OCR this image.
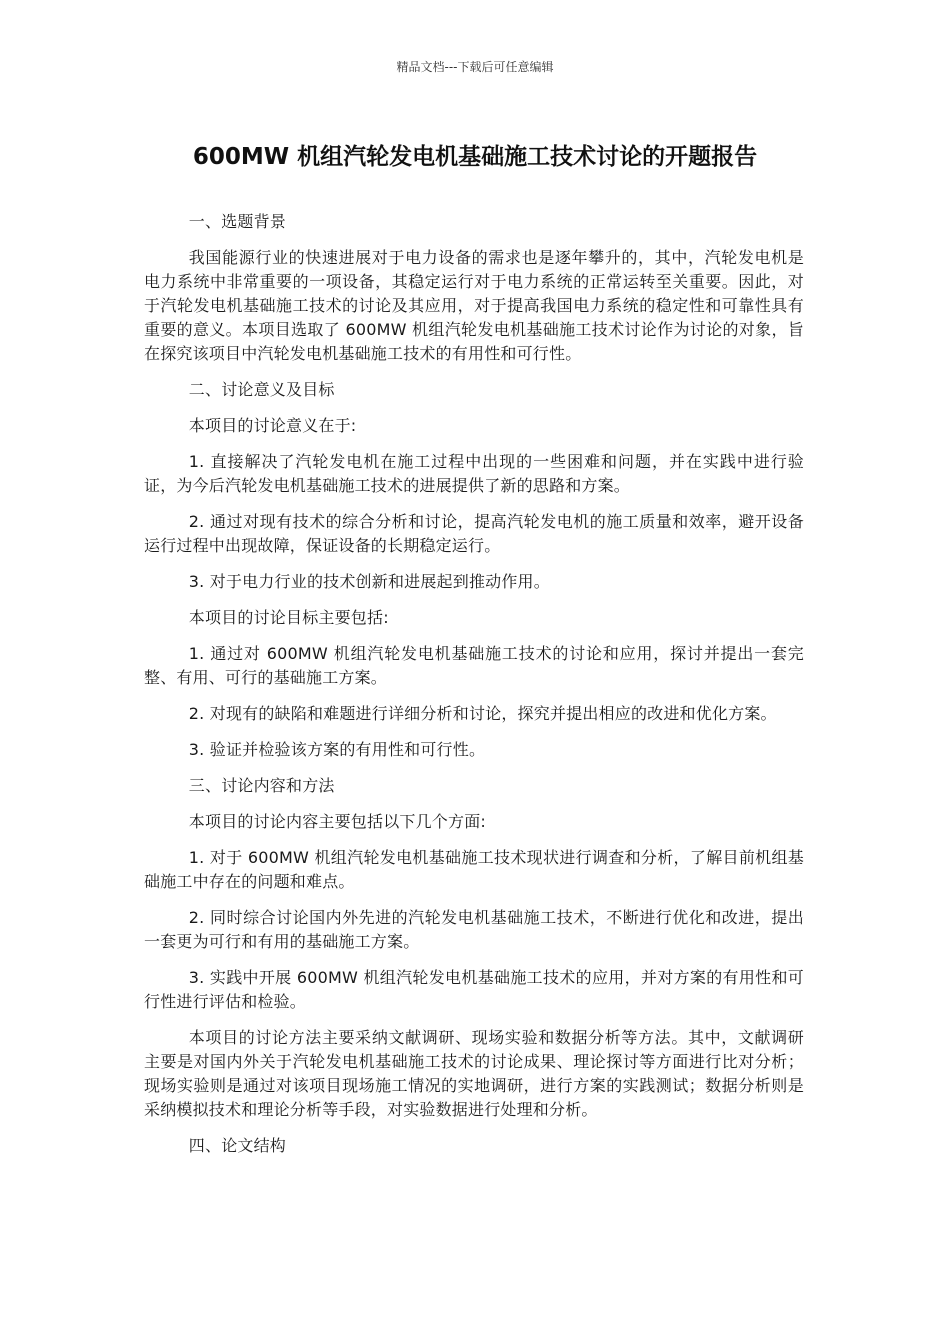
精品文档---下载后可任意编辑
600MW 机组汽轮发电机基础施工技术讨论的开题报告

一、选题背景

我国能源行业的快速进展对于电力设备的需求也是逐年攀升的，其中，汽轮发电机是电力系统中非常重要的一项设备，其稳定运行对于电力系统的正常运转至关重要。因此，对于汽轮发电机基础施工技术的讨论及其应用，对于提高我国电力系统的稳定性和可靠性具有重要的意义。本项目选取了 600MW 机组汽轮发电机基础施工技术讨论作为讨论的对象，旨在探究该项目中汽轮发电机基础施工技术的有用性和可行性。

二、讨论意义及目标

本项目的讨论意义在于:

1. 直接解决了汽轮发电机在施工过程中出现的一些困难和问题，并在实践中进行验证，为今后汽轮发电机基础施工技术的进展提供了新的思路和方案。

2. 通过对现有技术的综合分析和讨论，提高汽轮发电机的施工质量和效率，避开设备运行过程中出现故障，保证设备的长期稳定运行。

3. 对于电力行业的技术创新和进展起到推动作用。

本项目的讨论目标主要包括:

1. 通过对 600MW 机组汽轮发电机基础施工技术的讨论和应用，探讨并提出一套完整、有用、可行的基础施工方案。

2. 对现有的缺陷和难题进行详细分析和讨论，探究并提出相应的改进和优化方案。

3. 验证并检验该方案的有用性和可行性。

三、讨论内容和方法

本项目的讨论内容主要包括以下几个方面:

1. 对于 600MW 机组汽轮发电机基础施工技术现状进行调查和分析，了解目前机组基础施工中存在的问题和难点。

2. 同时综合讨论国内外先进的汽轮发电机基础施工技术，不断进行优化和改进，提出一套更为可行和有用的基础施工方案。

3. 实践中开展 600MW 机组汽轮发电机基础施工技术的应用，并对方案的有用性和可行性进行评估和检验。

本项目的讨论方法主要采纳文献调研、现场实验和数据分析等方法。其中，文献调研主要是对国内外关于汽轮发电机基础施工技术的讨论成果、理论探讨等方面进行比对分析；现场实验则是通过对该项目现场施工情况的实地调研，进行方案的实践测试；数据分析则是采纳模拟技术和理论分析等手段，对实验数据进行处理和分析。

四、论文结构
